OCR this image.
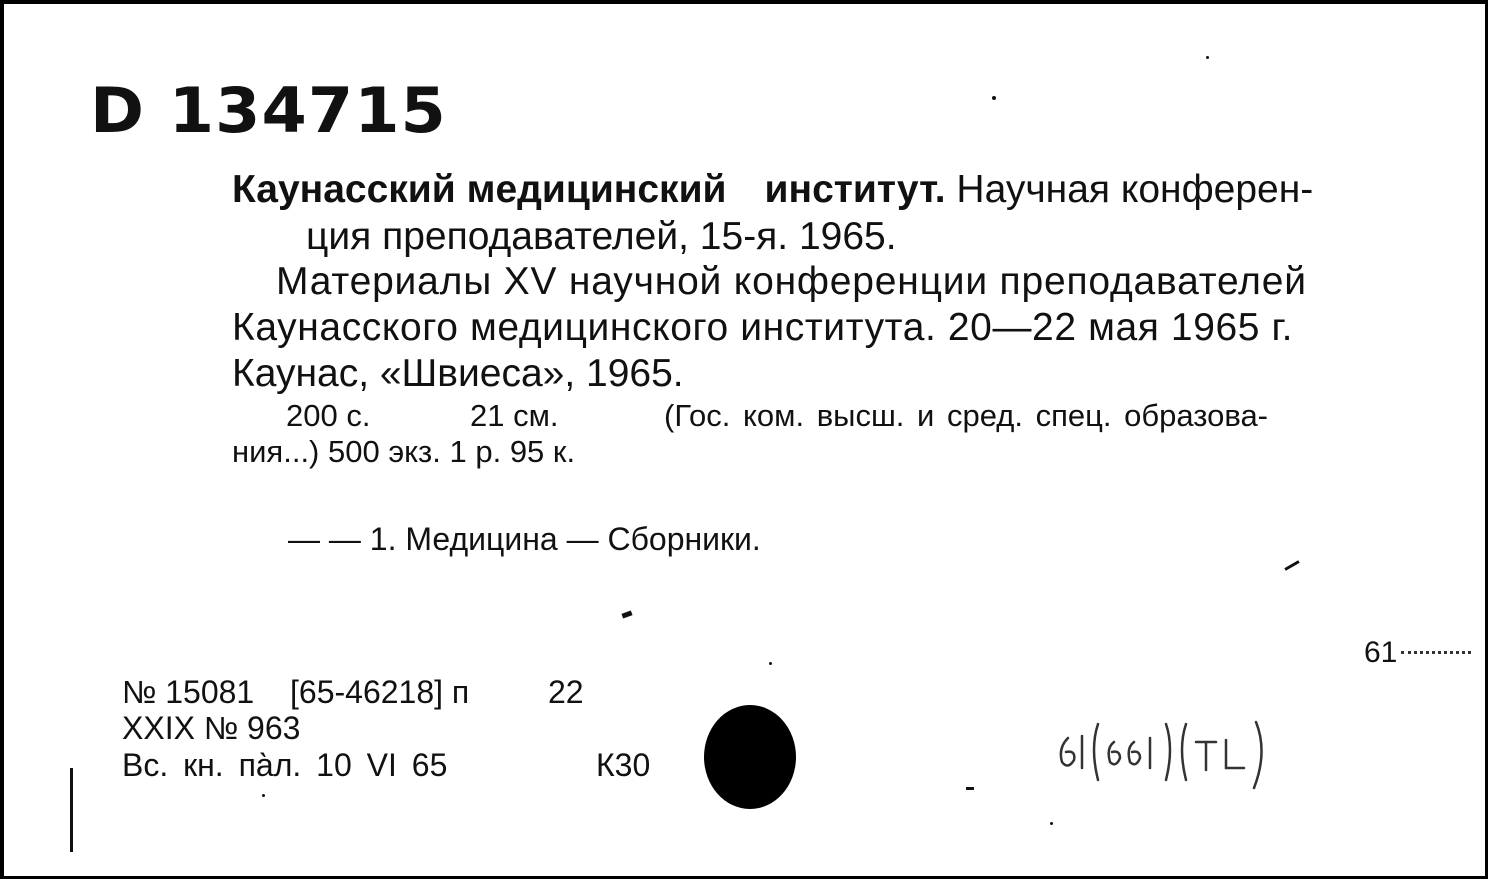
D 134715
Каунасский медицинский институт. Научная конферен-
ция преподавателей, 15-я. 1965.
Материалы XV научной конференции преподавателей
Каунасского медицинского института. 20—22 мая 1965 г.
Каунас, «Швиеса», 1965.
200 с.	21 см.	(Гос. ком. высш. и сред. спец. образова-
ния...) 500 экз. 1 р. 95 к.
— — 1. Медицина — Сборники.
61
№ 15081 [65-46218] п 22
XXIX № 963
Вс. кн. па̀л. 10 VI 65	К30
